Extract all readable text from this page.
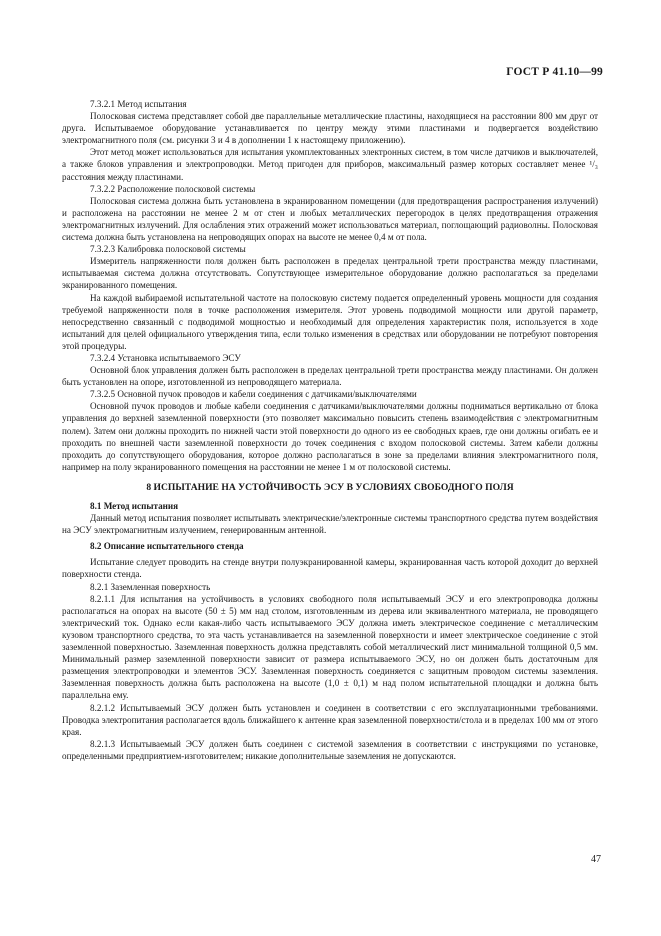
ГОСТ Р 41.10—99

7.3.2.1 Метод испытания

Полосковая система представляет собой две параллельные металлические пластины, находящиеся на расстоянии 800 мм друг от друга. Испытываемое оборудование устанавливается по центру между этими пластинами и подвергается воздействию электромагнитного поля (см. рисунки 3 и 4 в дополнении 1 к настоящему приложению).

Этот метод может использоваться для испытания укомплектованных электронных систем, в том числе датчиков и выключателей, а также блоков управления и электропроводки. Метод пригоден для приборов, максимальный размер которых составляет менее ¹/₃ расстояния между пластинами.

7.3.2.2 Расположение полосковой системы

Полосковая система должна быть установлена в экранированном помещении (для предотвращения распространения излучений) и расположена на расстоянии не менее 2 м от стен и любых металлических перегородок в целях предотвращения отражения электромагнитных излучений. Для ослабления этих отражений может использоваться материал, поглощающий радиоволны. Полосковая система должна быть установлена на непроводящих опорах на высоте не менее 0,4 м от пола.

7.3.2.3 Калибровка полосковой системы

Измеритель напряженности поля должен быть расположен в пределах центральной трети пространства между пластинами, испытываемая система должна отсутствовать. Сопутствующее измерительное оборудование должно располагаться за пределами экранированного помещения.

На каждой выбираемой испытательной частоте на полосковую систему подается определенный уровень мощности для создания требуемой напряженности поля в точке расположения измерителя. Этот уровень подводимой мощности или другой параметр, непосредственно связанный с подводимой мощностью и необходимый для определения характеристик поля, используется в ходе испытаний для целей официального утверждения типа, если только изменения в средствах или оборудовании не потребуют повторения этой процедуры.

7.3.2.4 Установка испытываемого ЭСУ

Основной блок управления должен быть расположен в пределах центральной трети пространства между пластинами. Он должен быть установлен на опоре, изготовленной из непроводящего материала.

7.3.2.5 Основной пучок проводов и кабели соединения с датчиками/выключателями

Основной пучок проводов и любые кабели соединения с датчиками/выключателями должны подниматься вертикально от блока управления до верхней заземленной поверхности (это позволяет максимально повысить степень взаимодействия с электромагнитным полем). Затем они должны проходить по нижней части этой поверхности до одного из ее свободных краев, где они должны огибать ее и проходить по внешней части заземленной поверхности до точек соединения с входом полосковой системы. Затем кабели должны проходить до сопутствующего оборудования, которое должно располагаться в зоне за пределами влияния электромагнитного поля, например на полу экранированного помещения на расстоянии не менее 1 м от полосковой системы.

8 ИСПЫТАНИЕ НА УСТОЙЧИВОСТЬ ЭСУ В УСЛОВИЯХ СВОБОДНОГО ПОЛЯ

8.1 Метод испытания

Данный метод испытания позволяет испытывать электрические/электронные системы транспортного средства путем воздействия на ЭСУ электромагнитным излучением, генерированным антенной.

8.2 Описание испытательного стенда

Испытание следует проводить на стенде внутри полуэкранированной камеры, экранированная часть которой доходит до верхней поверхности стенда.

8.2.1 Заземленная поверхность

8.2.1.1 Для испытания на устойчивость в условиях свободного поля испытываемый ЭСУ и его электропроводка должны располагаться на опорах на высоте (50 ± 5) мм над столом, изготовленным из дерева или эквивалентного материала, не проводящего электрический ток. Однако если какая-либо часть испытываемого ЭСУ должна иметь электрическое соединение с металлическим кузовом транспортного средства, то эта часть устанавливается на заземленной поверхности и имеет электрическое соединение с этой заземленной поверхностью. Заземленная поверхность должна представлять собой металлический лист минимальной толщиной 0,5 мм. Минимальный размер заземленной поверхности зависит от размера испытываемого ЭСУ, но он должен быть достаточным для размещения электропроводки и элементов ЭСУ. Заземленная поверхность соединяется с защитным проводом системы заземления. Заземленная поверхность должна быть расположена на высоте (1,0 ± 0,1) м над полом испытательной площадки и должна быть параллельна ему.

8.2.1.2 Испытываемый ЭСУ должен быть установлен и соединен в соответствии с его эксплуатационными требованиями. Проводка электропитания располагается вдоль ближайшего к антенне края заземленной поверхности/стола и в пределах 100 мм от этого края.

8.2.1.3 Испытываемый ЭСУ должен быть соединен с системой заземления в соответствии с инструкциями по установке, определенными предприятием-изготовителем; никакие дополнительные заземления не допускаются.

47
